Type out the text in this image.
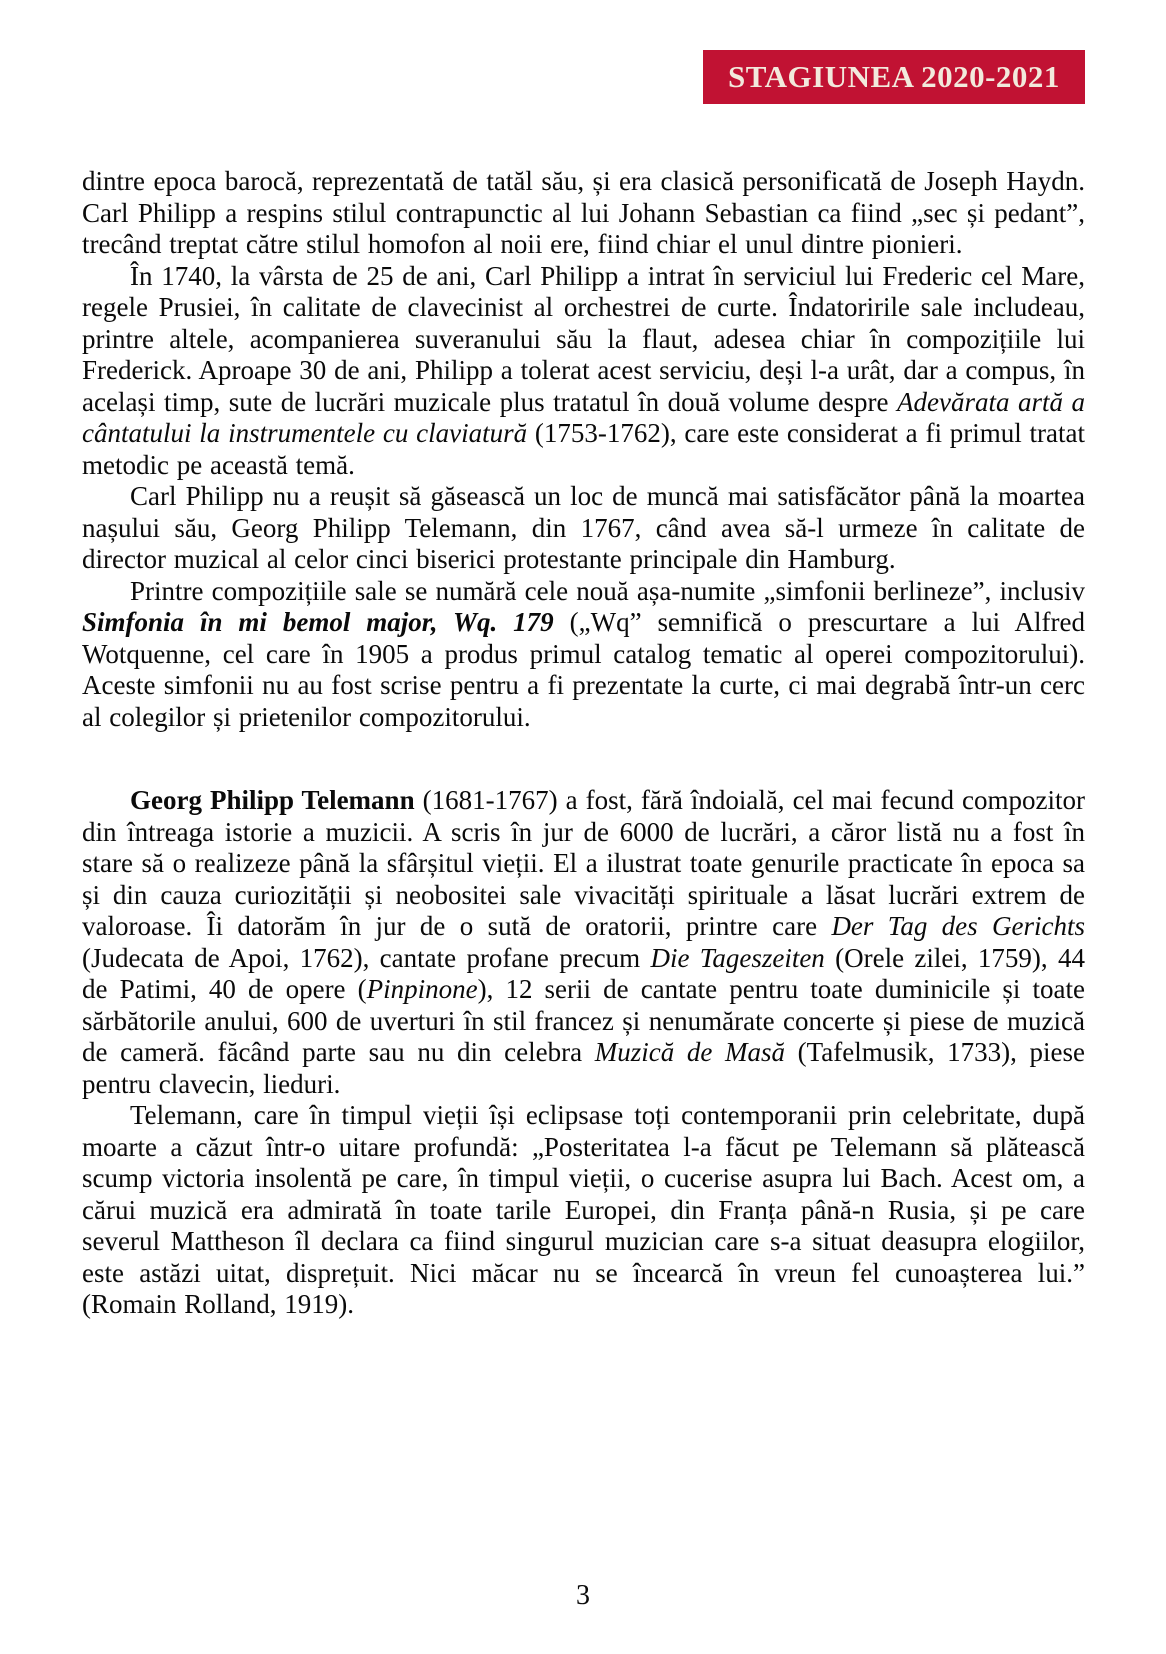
STAGIUNEA 2020-2021

dintre epoca barocă, reprezentată de tatăl său, și era clasică personificată de Joseph Haydn. Carl Philipp a respins stilul contrapunctic al lui Johann Sebastian ca fiind „sec și pedant”, trecând treptat către stilul homofon al noii ere, fiind chiar el unul dintre pionieri.

În 1740, la vârsta de 25 de ani, Carl Philipp a intrat în serviciul lui Frederic cel Mare, regele Prusiei, în calitate de clavecinist al orchestrei de curte. Îndatoririle sale includeau, printre altele, acompanierea suveranului său la flaut, adesea chiar în compozițiile lui Frederick. Aproape 30 de ani, Philipp a tolerat acest serviciu, deși l-a urât, dar a compus, în același timp, sute de lucrări muzicale plus tratatul în două volume despre Adevărata artă a cântatului la instrumentele cu claviatură (1753-1762), care este considerat a fi primul tratat metodic pe această temă.

Carl Philipp nu a reușit să găsească un loc de muncă mai satisfăcător până la moartea nașului său, Georg Philipp Telemann, din 1767, când avea să-l urmeze în calitate de director muzical al celor cinci biserici protestante principale din Hamburg.

Printre compozițiile sale se numără cele nouă așa-numite „simfonii berlineze”, inclusiv Simfonia în mi bemol major, Wq. 179 („Wq” semnifică o prescurtare a lui Alfred Wotquenne, cel care în 1905 a produs primul catalog tematic al operei compozitorului). Aceste simfonii nu au fost scrise pentru a fi prezentate la curte, ci mai degrabă într-un cerc al colegilor și prietenilor compozitorului.

Georg Philipp Telemann (1681-1767) a fost, fără îndoială, cel mai fecund compozitor din întreaga istorie a muzicii. A scris în jur de 6000 de lucrări, a căror listă nu a fost în stare să o realizeze până la sfârșitul vieții. El a ilustrat toate genurile practicate în epoca sa și din cauza curiozității și neobositei sale vivacități spirituale a lăsat lucrări extrem de valoroase. Îi datorăm în jur de o sută de oratorii, printre care Der Tag des Gerichts (Judecata de Apoi, 1762), cantate profane precum Die Tageszeiten (Orele zilei, 1759), 44 de Patimi, 40 de opere (Pinpinone), 12 serii de cantate pentru toate duminicile și toate sărbătorile anului, 600 de uverturi în stil francez și nenumărate concerte și piese de muzică de cameră. făcând parte sau nu din celebra Muzică de Masă (Tafelmusik, 1733), piese pentru clavecin, lieduri.

Telemann, care în timpul vieții își eclipsase toți contemporanii prin celebritate, după moarte a căzut într-o uitare profundă: „Posteritatea l-a făcut pe Telemann să plătească scump victoria insolentă pe care, în timpul vieții, o cucerise asupra lui Bach. Acest om, a cărui muzică era admirată în toate tarile Europei, din Franța până-n Rusia, și pe care severul Mattheson îl declara ca fiind singurul muzician care s-a situat deasupra elogiilor, este astăzi uitat, disprețuit. Nici măcar nu se încearcă în vreun fel cunoașterea lui.” (Romain Rolland, 1919).

3
